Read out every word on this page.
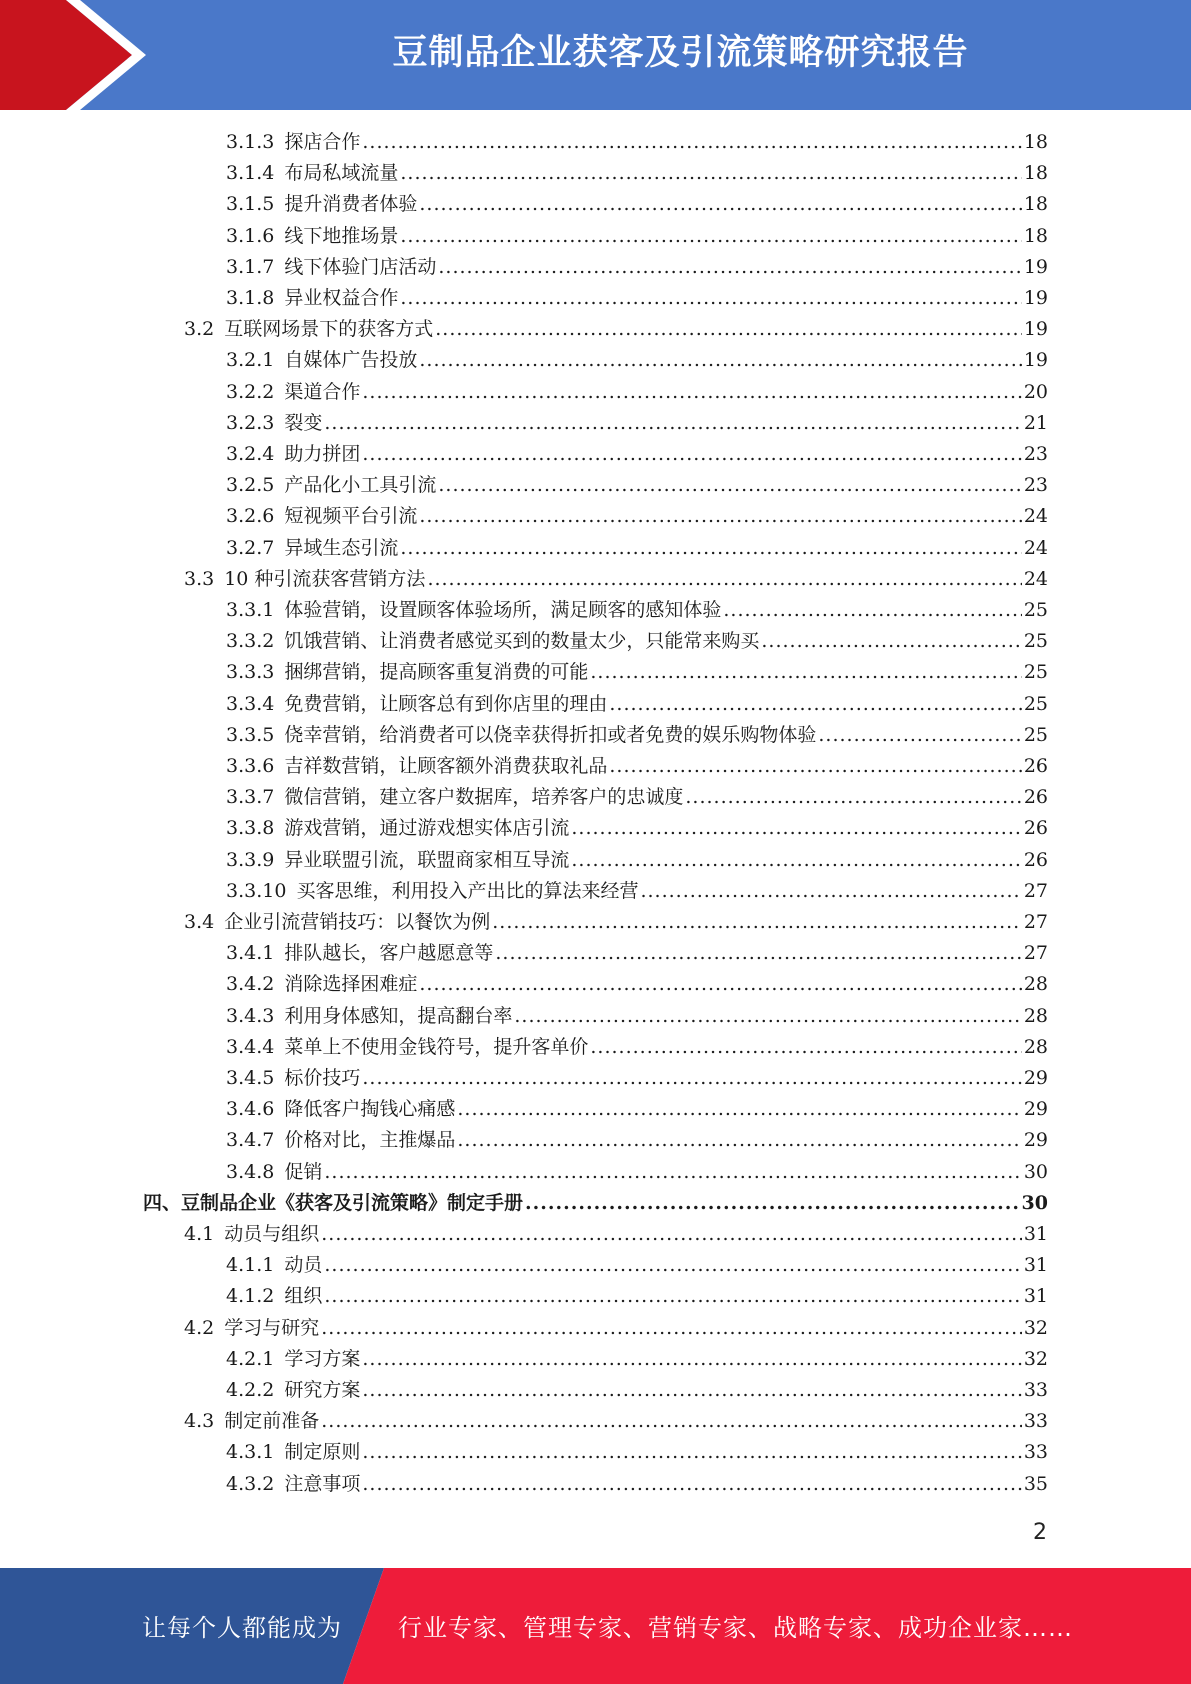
豆制品企业获客及引流策略研究报告
3.1.3 探店合作 .....	18
3.1.4 布局私域流量 .....	18
3.1.5 提升消费者体验 .....	18
3.1.6 线下地推场景 .....	18
3.1.7 线下体验门店活动 .....	19
3.1.8 异业权益合作 .....	19
3.2 互联网场景下的获客方式 .....	19
3.2.1 自媒体广告投放 .....	19
3.2.2 渠道合作 .....	20
3.2.3 裂变 .....	21
3.2.4 助力拼团 .....	23
3.2.5 产品化小工具引流 .....	23
3.2.6 短视频平台引流 .....	24
3.2.7 异域生态引流 .....	24
3.3 10 种引流获客营销方法 .....	24
3.3.1 体验营销，设置顾客体验场所，满足顾客的感知体验 .....	25
3.3.2 饥饿营销、让消费者感觉买到的数量太少，只能常来购买 .....	25
3.3.3 捆绑营销，提高顾客重复消费的可能 .....	25
3.3.4 免费营销，让顾客总有到你店里的理由 .....	25
3.3.5 侥幸营销，给消费者可以侥幸获得折扣或者免费的娱乐购物体验 .....	25
3.3.6 吉祥数营销，让顾客额外消费获取礼品 .....	26
3.3.7 微信营销，建立客户数据库，培养客户的忠诚度 .....	26
3.3.8 游戏营销，通过游戏想实体店引流 .....	26
3.3.9 异业联盟引流，联盟商家相互导流 .....	26
3.3.10 买客思维，利用投入产出比的算法来经营 .....	27
3.4 企业引流营销技巧：以餐饮为例 .....	27
3.4.1 排队越长，客户越愿意等 .....	27
3.4.2 消除选择困难症 .....	28
3.4.3 利用身体感知，提高翻台率 .....	28
3.4.4 菜单上不使用金钱符号，提升客单价 .....	28
3.4.5 标价技巧 .....	29
3.4.6 降低客户掏钱心痛感 .....	29
3.4.7 价格对比，主推爆品 .....	29
3.4.8 促销 .....	30
四、 豆制品企业《获客及引流策略》制定手册 .....	30
4.1 动员与组织 .....	31
4.1.1 动员 .....	31
4.1.2 组织 .....	31
4.2 学习与研究 .....	32
4.2.1 学习方案 .....	32
4.2.2 研究方案 .....	33
4.3 制定前准备 .....	33
4.3.1 制定原则 .....	33
4.3.2 注意事项 .....	35
2
让每个人都能成为 行业专家、管理专家、营销专家、战略专家、成功企业家……
